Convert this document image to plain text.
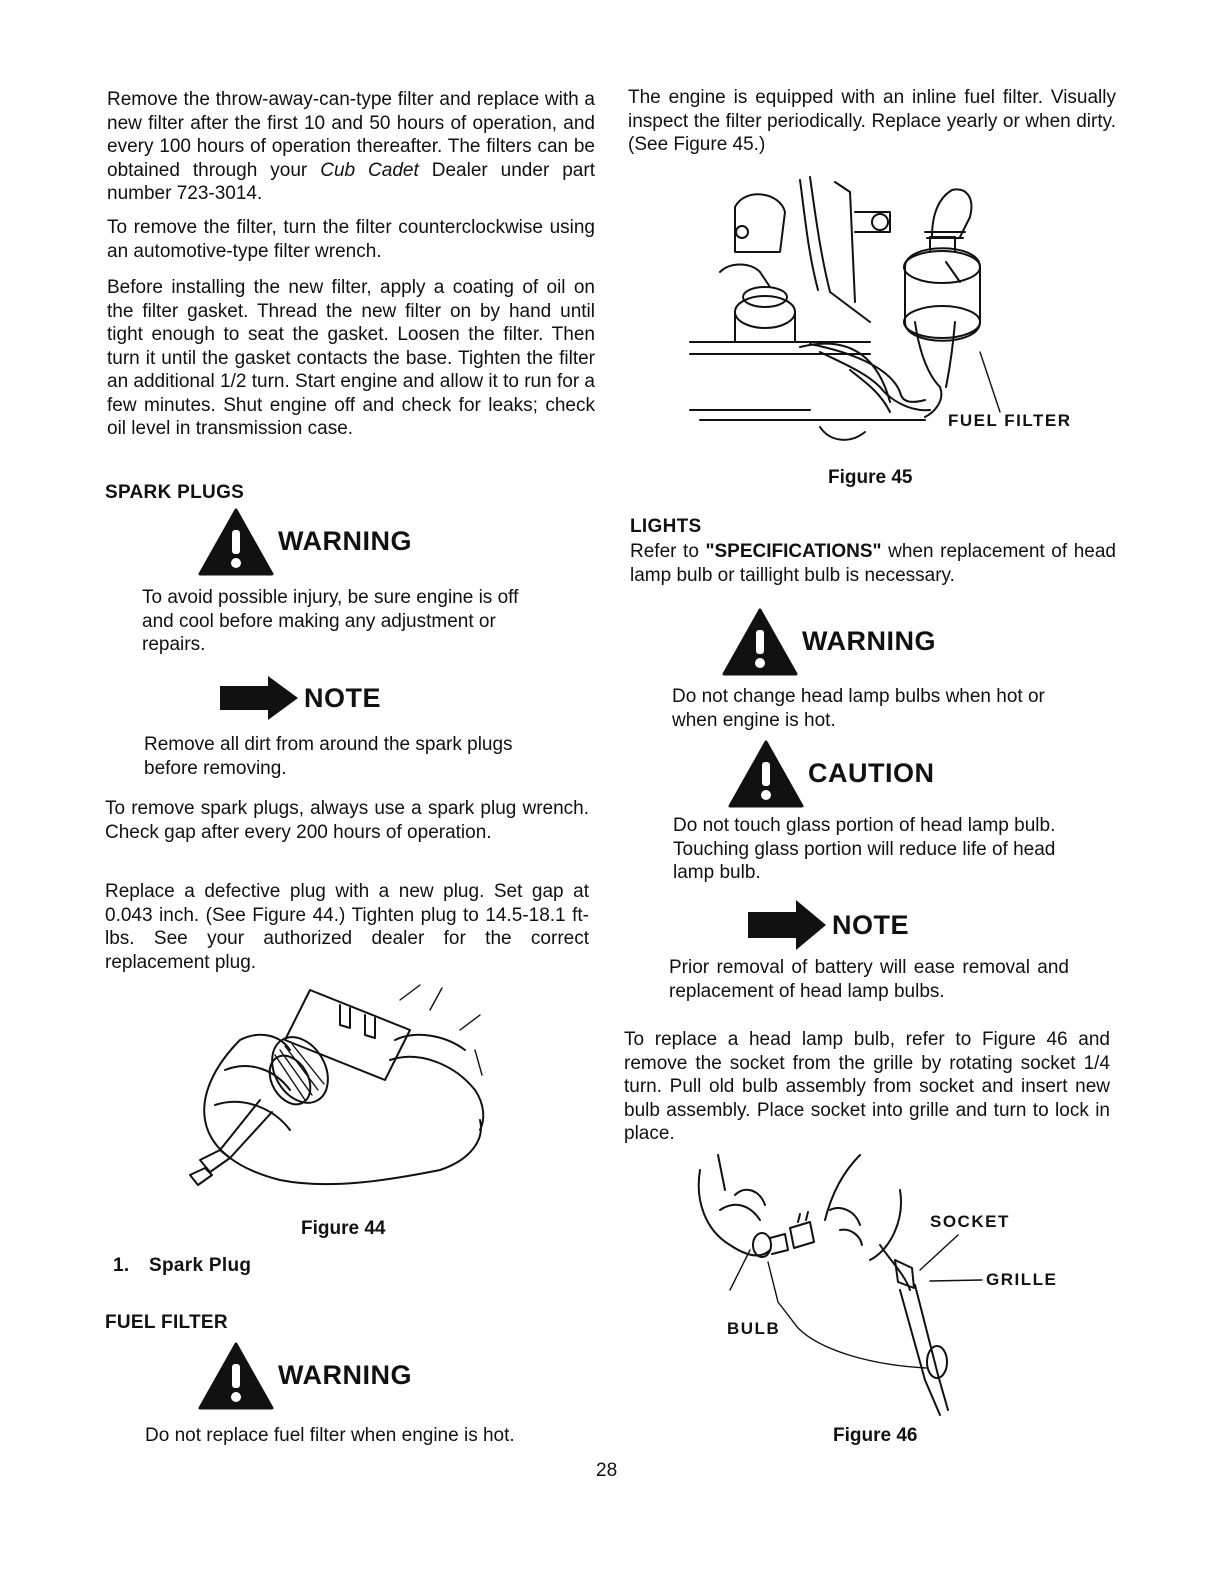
Remove the throw-away-can-type filter and replace with a new filter after the first 10 and 50 hours of operation, and every 100 hours of operation thereafter. The filters can be obtained through your Cub Cadet Dealer under part number 723-3014.

To remove the filter, turn the filter counterclockwise using an automotive-type filter wrench.

Before installing the new filter, apply a coating of oil on the filter gasket. Thread the new filter on by hand until tight enough to seat the gasket. Loosen the filter. Then turn it until the gasket contacts the base. Tighten the filter an additional 1/2 turn. Start engine and allow it to run for a few minutes. Shut engine off and check for leaks; check oil level in transmission case.

SPARK PLUGS
WARNING

To avoid possible injury, be sure engine is off and cool before making any adjustment or repairs.

NOTE

Remove all dirt from around the spark plugs before removing.

To remove spark plugs, always use a spark plug wrench. Check gap after every 200 hours of operation.

Replace a defective plug with a new plug. Set gap at 0.043 inch. (See Figure 44.) Tighten plug to 14.5-18.1 ft-lbs. See your authorized dealer for the correct replacement plug.

Figure 44
1. Spark Plug
FUEL FILTER
WARNING

Do not replace fuel filter when engine is hot.

The engine is equipped with an inline fuel filter. Visually inspect the filter periodically. Replace yearly or when dirty. (See Figure 45.)

FUEL FILTER
Figure 45
LIGHTS

Refer to "SPECIFICATIONS" when replacement of head lamp bulb or taillight bulb is necessary.

WARNING

Do not change head lamp bulbs when hot or when engine is hot.

CAUTION

Do not touch glass portion of head lamp bulb. Touching glass portion will reduce life of head lamp bulb.

NOTE

Prior removal of battery will ease removal and replacement of head lamp bulbs.

To replace a head lamp bulb, refer to Figure 46 and remove the socket from the grille by rotating socket 1/4 turn. Pull old bulb assembly from socket and insert new bulb assembly. Place socket into grille and turn to lock in place.

SOCKET
GRILLE
BULB
Figure 46
28
